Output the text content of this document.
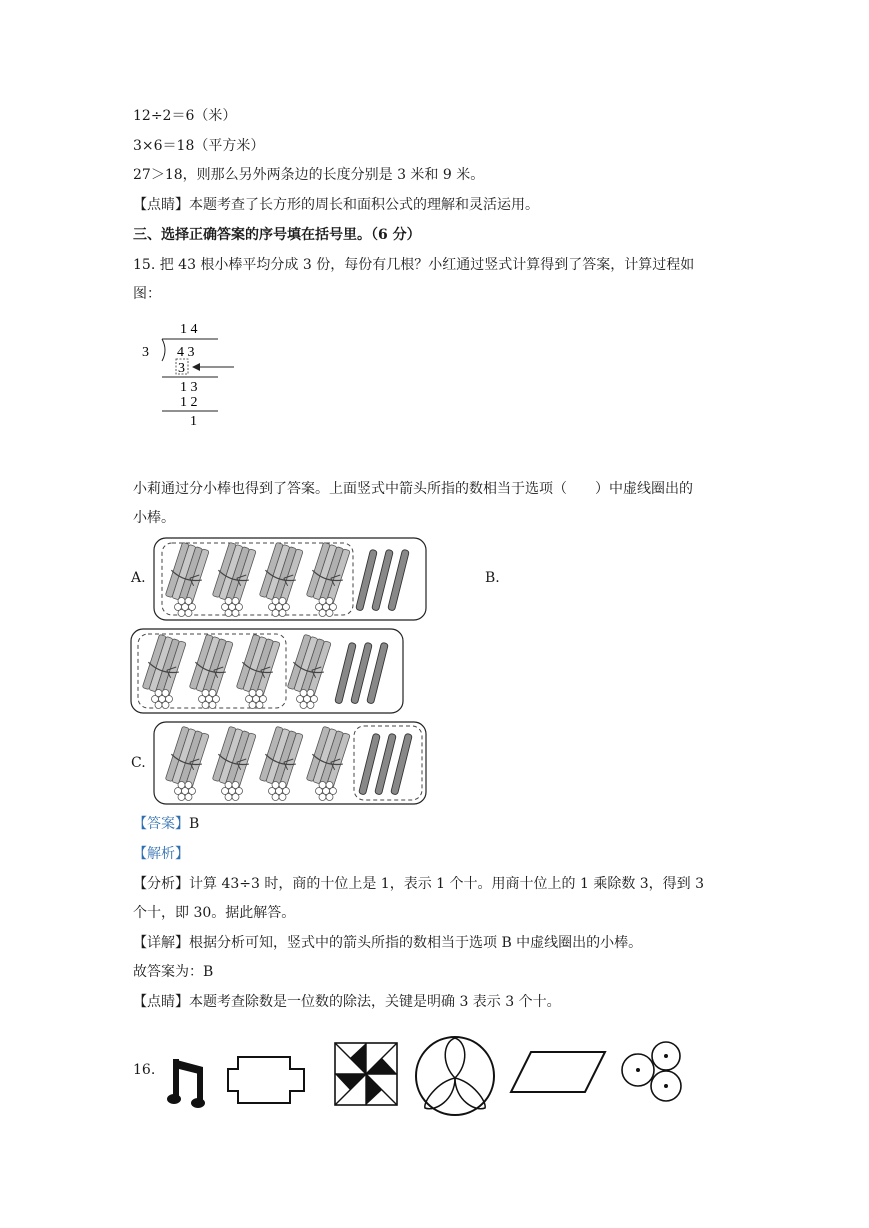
12÷2＝6（米）
3×6＝18（平方米）
27＞18，则那么另外两条边的长度分别是 3 米和 9 米。
【点睛】本题考查了长方形的周长和面积公式的理解和灵活运用。
三、选择正确答案的序号填在括号里。（6 分）
15. 把 43 根小棒平均分成 3 份，每份有几根？小红通过竖式计算得到了答案，计算过程如
图：
1 4
3 4 3
3
1 3
1 2
1
小莉通过分小棒也得到了答案。上面竖式中箭头所指的数相当于选项（　　）中虚线圈出的
小棒。
A.	B.
C.
【答案】B
【解析】
【分析】计算 43÷3 时，商的十位上是 1，表示 1 个十。用商十位上的 1 乘除数 3，得到 3
个十，即 30。据此解答。
【详解】根据分析可知，竖式中的箭头所指的数相当于选项 B 中虚线圈出的小棒。
故答案为：B
【点睛】本题考查除数是一位数的除法，关键是明确 3 表示 3 个十。
16.
